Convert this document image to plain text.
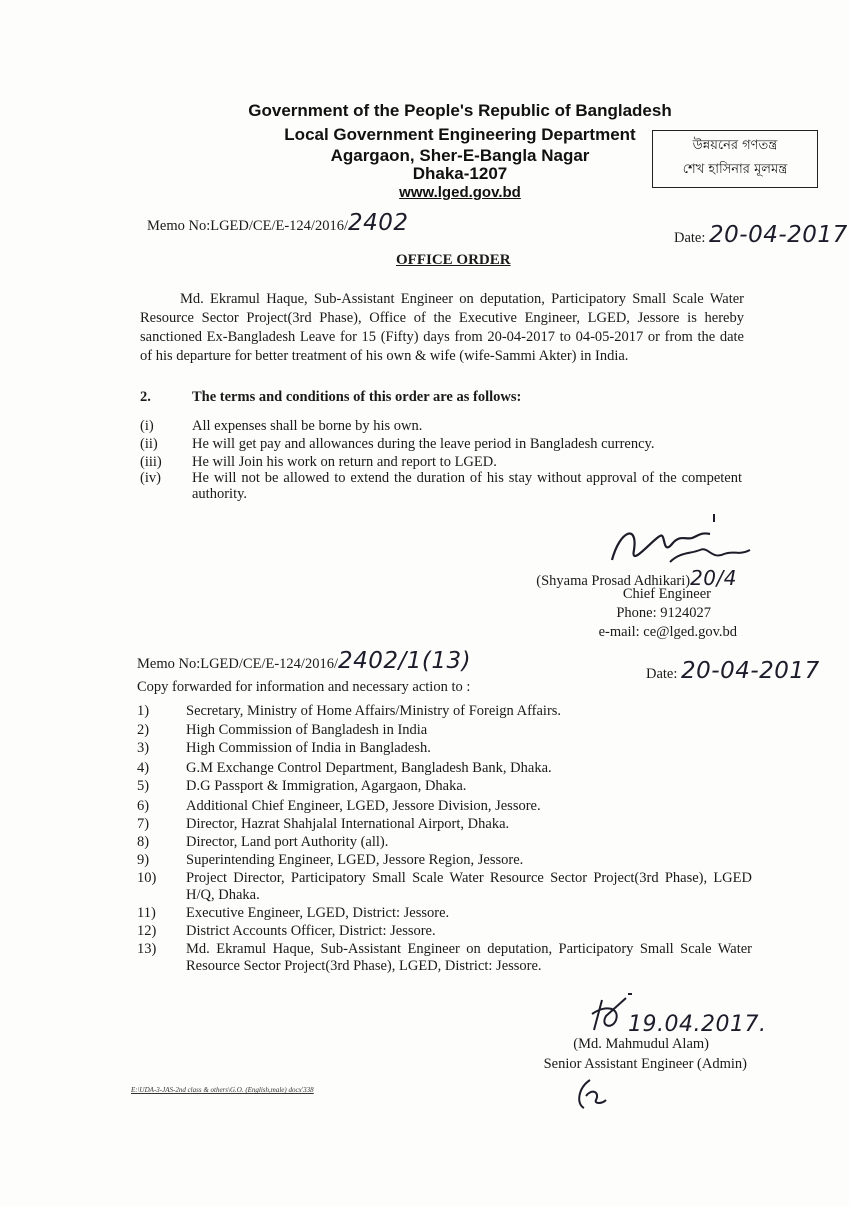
Government of the People's Republic of Bangladesh
Local Government Engineering Department
Agargaon, Sher-E-Bangla Nagar
Dhaka-1207
www.lged.gov.bd
উন্নয়নের গণতন্ত্র
শেখ হাসিনার মূলমন্ত্র
Memo No:LGED/CE/E-124/2016/2402
Date: 20-04-2017
OFFICE ORDER
Md. Ekramul Haque, Sub-Assistant Engineer on deputation, Participatory Small Scale Water Resource Sector Project(3rd Phase), Office of the Executive Engineer, LGED, Jessore is hereby sanctioned Ex-Bangladesh Leave for 15 (Fifty) days from 20-04-2017 to 04-05-2017 or from the date of his departure for better treatment of his own & wife (wife-Sammi Akter) in India.
2.	The terms and conditions of this order are as follows:
(i)	All expenses shall be borne by his own.
(ii) He will get pay and allowances during the leave period in Bangladesh currency.
(iii) He will Join his work on return and report to LGED.
(iv) He will not be allowed to extend the duration of his stay without approval of the competent authority.
(Shyama Prosad Adhikari)20/4
Chief Engineer
Phone: 9124027
e-mail: ce@lged.gov.bd
Memo No:LGED/CE/E-124/2016/2402/1(13)	Date: 20-04-2017
Copy forwarded for information and necessary action to :
1)	Secretary, Ministry of Home Affairs/Ministry of Foreign Affairs.
2)	High Commission of Bangladesh in India
3)	High Commission of India in Bangladesh.
4)	G.M Exchange Control Department, Bangladesh Bank, Dhaka.
5)	D.G Passport & Immigration, Agargaon, Dhaka.
6)	Additional Chief Engineer, LGED, Jessore Division, Jessore.
7)	Director, Hazrat Shahjalal International Airport, Dhaka.
8)	Director, Land port Authority (all).
9)	Superintending Engineer, LGED, Jessore Region, Jessore.
10) Project Director, Participatory Small Scale Water Resource Sector Project(3rd Phase), LGED H/Q, Dhaka.
11) Executive Engineer, LGED, District: Jessore.
12) District Accounts Officer, District: Jessore.
13) Md. Ekramul Haque, Sub-Assistant Engineer on deputation, Participatory Small Scale Water Resource Sector Project(3rd Phase), LGED, District: Jessore.
19.04.2017.
(Md. Mahmudul Alam)
Senior Assistant Engineer (Admin)
E:\UDA-3-JAS-2nd class & others\G.O. (English,male) docx'338
